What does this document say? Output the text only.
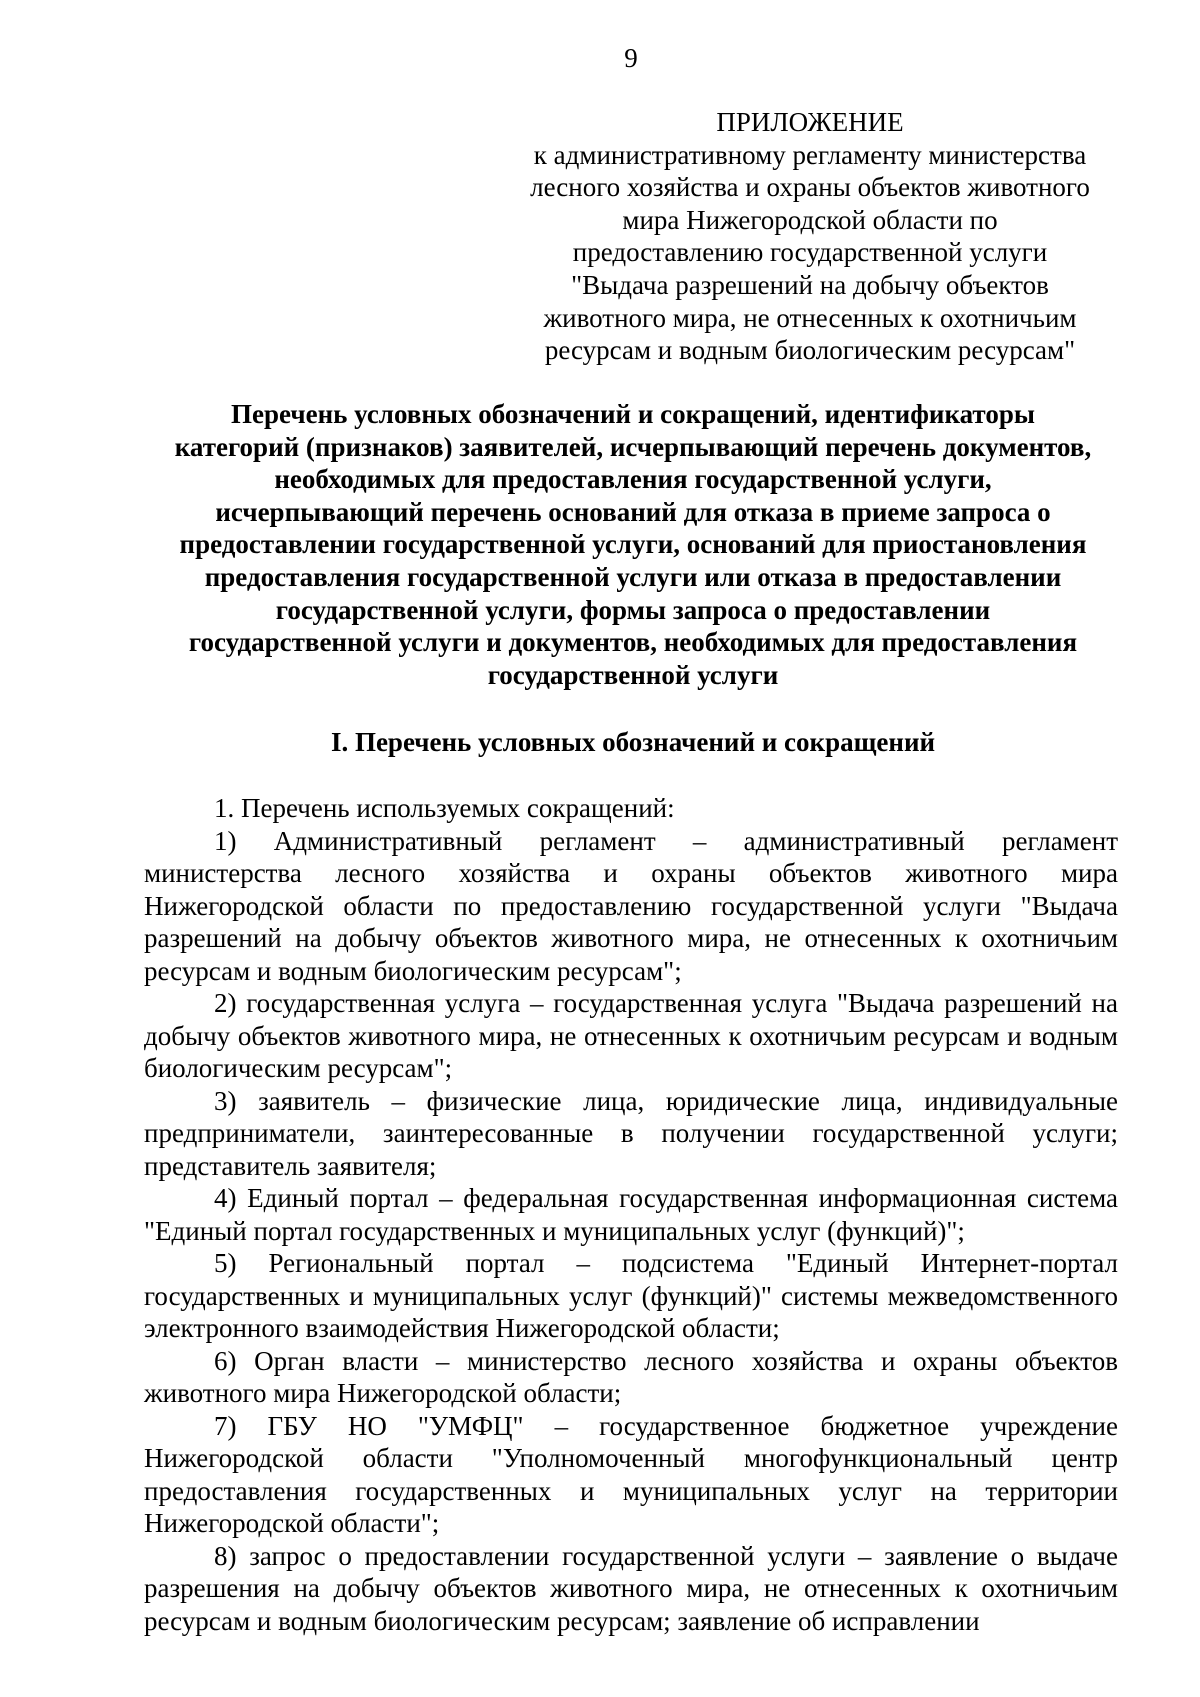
9
ПРИЛОЖЕНИЕ
к административному регламенту министерства
лесного хозяйства и охраны объектов животного
мира Нижегородской области по
предоставлению государственной услуги
"Выдача разрешений на добычу объектов
животного мира, не отнесенных к охотничьим
ресурсам и водным биологическим ресурсам"
Перечень условных обозначений и сокращений, идентификаторы
категорий (признаков) заявителей, исчерпывающий перечень документов,
необходимых для предоставления государственной услуги,
исчерпывающий перечень оснований для отказа в приеме запроса о
предоставлении государственной услуги, оснований для приостановления
предоставления государственной услуги или отказа в предоставлении
государственной услуги, формы запроса о предоставлении
государственной услуги и документов, необходимых для предоставления
государственной услуги
I. Перечень условных обозначений и сокращений

1. Перечень используемых сокращений:

1) Административный регламент – административный регламент министерства лесного хозяйства и охраны объектов животного мира Нижегородской области по предоставлению государственной услуги "Выдача разрешений на добычу объектов животного мира, не отнесенных к охотничьим ресурсам и водным биологическим ресурсам";

2) государственная услуга – государственная услуга "Выдача разрешений на добычу объектов животного мира, не отнесенных к охотничьим ресурсам и водным биологическим ресурсам";

3) заявитель – физические лица, юридические лица, индивидуальные предприниматели, заинтересованные в получении государственной услуги; представитель заявителя;

4) Единый портал – федеральная государственная информационная система "Единый портал государственных и муниципальных услуг (функций)";

5) Региональный портал – подсистема "Единый Интернет-портал государственных и муниципальных услуг (функций)" системы межведомственного электронного взаимодействия Нижегородской области;

6) Орган власти – министерство лесного хозяйства и охраны объектов животного мира Нижегородской области;

7) ГБУ НО "УМФЦ" – государственное бюджетное учреждение Нижегородской области "Уполномоченный многофункциональный центр предоставления государственных и муниципальных услуг на территории Нижегородской области";

8) запрос о предоставлении государственной услуги – заявление о выдаче разрешения на добычу объектов животного мира, не отнесенных к охотничьим ресурсам и водным биологическим ресурсам; заявление об исправлении
